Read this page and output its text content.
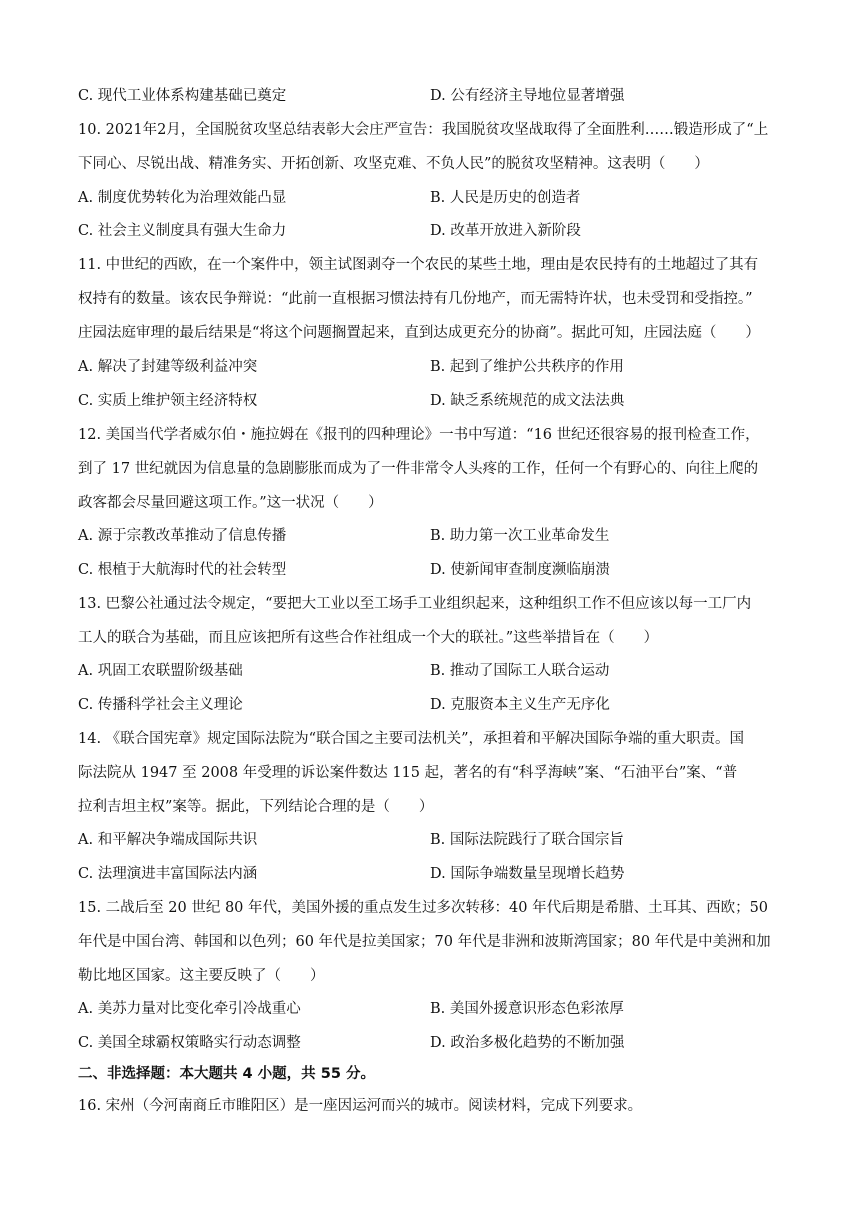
C. 现代工业体系构建基础已奠定	D. 公有经济主导地位显著增强
10. 2021年2月，全国脱贫攻坚总结表彰大会庄严宣告：我国脱贫攻坚战取得了全面胜利……锻造形成了“上
下同心、尽锐出战、精准务实、开拓创新、攻坚克难、不负人民”的脱贫攻坚精神。这表明（　　）
A. 制度优势转化为治理效能凸显	B. 人民是历史的创造者
C. 社会主义制度具有强大生命力	D. 改革开放进入新阶段
11. 中世纪的西欧，在一个案件中，领主试图剥夺一个农民的某些土地，理由是农民持有的土地超过了其有
权持有的数量。该农民争辩说：“此前一直根据习惯法持有几份地产，而无需特许状，也未受罚和受指控。”
庄园法庭审理的最后结果是“将这个问题搁置起来，直到达成更充分的协商”。据此可知，庄园法庭（　　）
A. 解决了封建等级利益冲突	B. 起到了维护公共秩序的作用
C. 实质上维护领主经济特权	D. 缺乏系统规范的成文法法典
12. 美国当代学者威尔伯・施拉姆在《报刊的四种理论》一书中写道：“16 世纪还很容易的报刊检查工作，
到了 17 世纪就因为信息量的急剧膨胀而成为了一件非常令人头疼的工作，任何一个有野心的、向往上爬的
政客都会尽量回避这项工作。”这一状况（　　）
A. 源于宗教改革推动了信息传播	B. 助力第一次工业革命发生
C. 根植于大航海时代的社会转型	D. 使新闻审查制度濒临崩溃
13. 巴黎公社通过法令规定，“要把大工业以至工场手工业组织起来，这种组织工作不但应该以每一工厂内
工人的联合为基础，而且应该把所有这些合作社组成一个大的联社。”这些举措旨在（　　）
A. 巩固工农联盟阶级基础	B. 推动了国际工人联合运动
C. 传播科学社会主义理论	D. 克服资本主义生产无序化
14. 《联合国宪章》规定国际法院为“联合国之主要司法机关”，承担着和平解决国际争端的重大职责。国
际法院从 1947 至 2008 年受理的诉讼案件数达 115 起，著名的有“科孚海峡”案、“石油平台”案、“普
拉利吉坦主权”案等。据此，下列结论合理的是（　　）
A. 和平解决争端成国际共识	B. 国际法院践行了联合国宗旨
C. 法理演进丰富国际法内涵	D. 国际争端数量呈现增长趋势
15. 二战后至 20 世纪 80 年代，美国外援的重点发生过多次转移：40 年代后期是希腊、土耳其、西欧；50
年代是中国台湾、韩国和以色列；60 年代是拉美国家；70 年代是非洲和波斯湾国家；80 年代是中美洲和加
勒比地区国家。这主要反映了（　　）
A. 美苏力量对比变化牵引冷战重心	B. 美国外援意识形态色彩浓厚
C. 美国全球霸权策略实行动态调整	D. 政治多极化趋势的不断加强
二、非选择题：本大题共 4 小题，共 55 分。
16. 宋州（今河南商丘市睢阳区）是一座因运河而兴的城市。阅读材料，完成下列要求。
